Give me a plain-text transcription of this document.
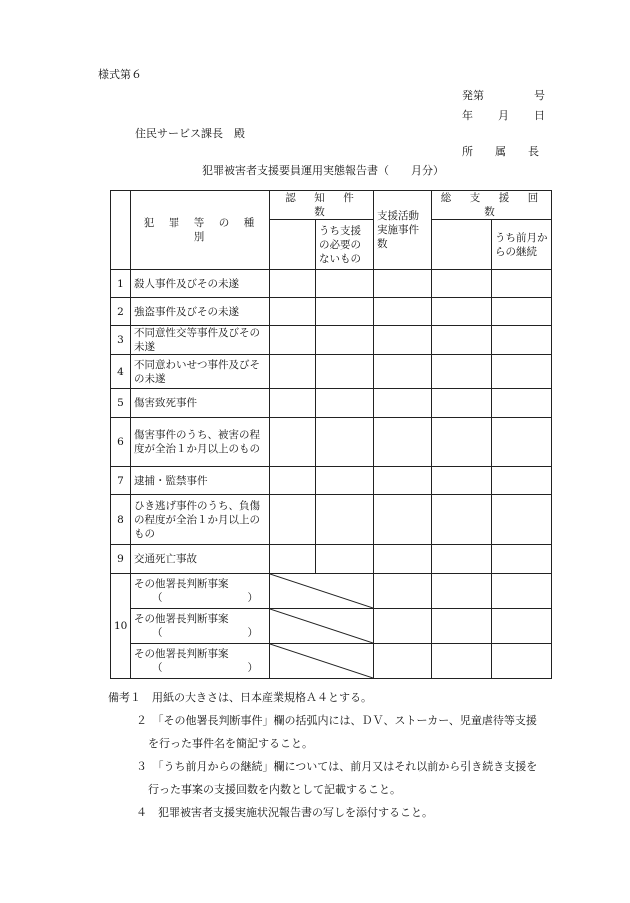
様式第６
発第	号
年 月 日
住民サービス課長　殿
所　　属　　長
犯罪被害者支援要員運用実態報告書（　　月分）
	犯　罪　等　の　種　別	認　知　件　数		支援活動実施事件数	総　支　援　回　数	
			うち支援の必要のないもの			うち前月からの継続
1	殺人事件及びその未遂					
2	強盗事件及びその未遂					
3	不同意性交等事件及びその未遂					
4	不同意わいせつ事件及びその未遂					
5	傷害致死事件					
6	傷害事件のうち、被害の程度が全治１か月以上のもの					
7	逮捕・監禁事件					
8	ひき逃げ事件のうち、負傷の程度が全治１か月以上のもの					
9	交通死亡事故					
10	その他署長判断事案
（ ）

	その他署長判断事案
（ ）

	その他署長判断事案
（ ）

備考１　用紙の大きさは、日本産業規格Ａ４とする。
２　「その他署長判断事件」欄の括弧内には、ＤＶ、ストーカー、児童虐待等支援
を行った事件名を簡記すること。
３　「うち前月からの継続」欄については、前月又はそれ以前から引き続き支援を
行った事案の支援回数を内数として記載すること。
４　犯罪被害者支援実施状況報告書の写しを添付すること。
